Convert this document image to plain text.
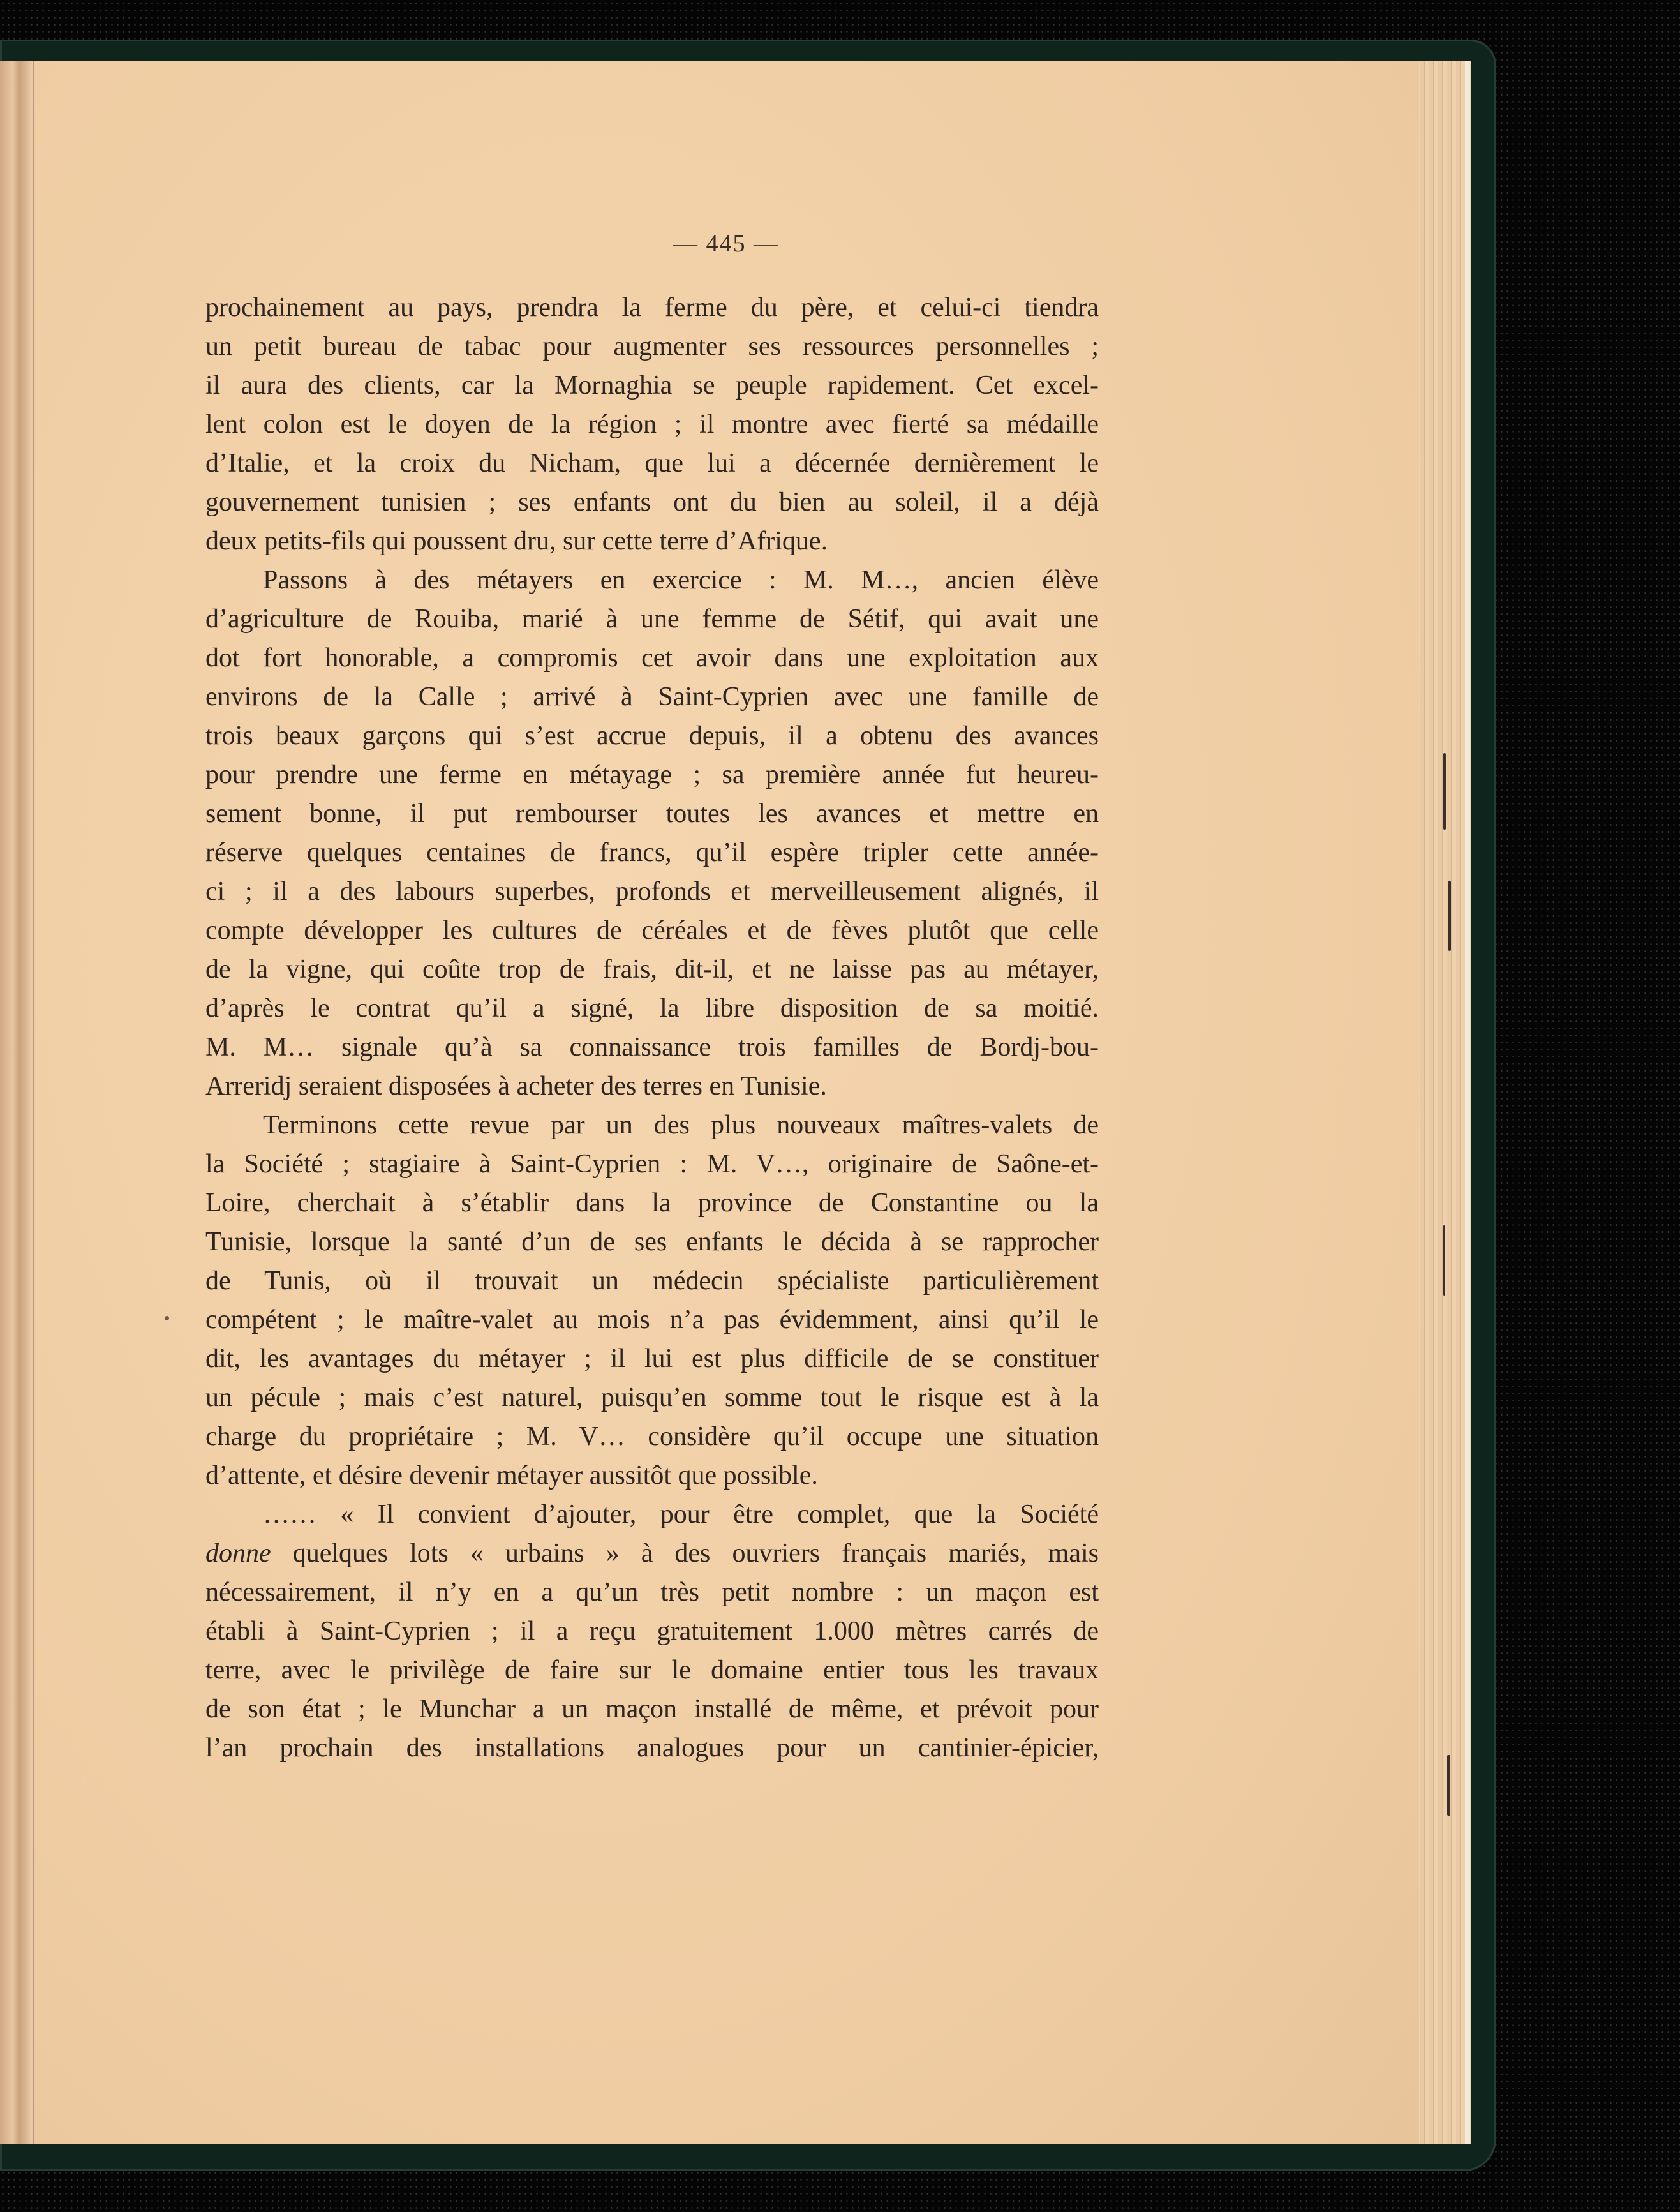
— 445 —
prochainement au pays, prendra la ferme du père, et celui-ci tiendra
un petit bureau de tabac pour augmenter ses ressources personnelles ;
il aura des clients, car la Mornaghia se peuple rapidement. Cet excel-
lent colon est le doyen de la région ; il montre avec fierté sa médaille
d’Italie, et la croix du Nicham, que lui a décernée dernièrement le
gouvernement tunisien ; ses enfants ont du bien au soleil, il a déjà
deux petits-fils qui poussent dru, sur cette terre d’Afrique.
Passons à des métayers en exercice : M. M…, ancien élève
d’agriculture de Rouiba, marié à une femme de Sétif, qui avait une
dot fort honorable, a compromis cet avoir dans une exploitation aux
environs de la Calle ; arrivé à Saint-Cyprien avec une famille de
trois beaux garçons qui s’est accrue depuis, il a obtenu des avances
pour prendre une ferme en métayage ; sa première année fut heureu-
sement bonne, il put rembourser toutes les avances et mettre en
réserve quelques centaines de francs, qu’il espère tripler cette année-
ci ; il a des labours superbes, profonds et merveilleusement alignés, il
compte développer les cultures de céréales et de fèves plutôt que celle
de la vigne, qui coûte trop de frais, dit-il, et ne laisse pas au métayer,
d’après le contrat qu’il a signé, la libre disposition de sa moitié.
M. M… signale qu’à sa connaissance trois familles de Bordj-bou-
Arreridj seraient disposées à acheter des terres en Tunisie.
Terminons cette revue par un des plus nouveaux maîtres-valets de
la Société ; stagiaire à Saint-Cyprien : M. V…, originaire de Saône-et-
Loire, cherchait à s’établir dans la province de Constantine ou la
Tunisie, lorsque la santé d’un de ses enfants le décida à se rapprocher
de Tunis, où il trouvait un médecin spécialiste particulièrement
compétent ; le maître-valet au mois n’a pas évidemment, ainsi qu’il le
dit, les avantages du métayer ; il lui est plus difficile de se constituer
un pécule ; mais c’est naturel, puisqu’en somme tout le risque est à la
charge du propriétaire ; M. V… considère qu’il occupe une situation
d’attente, et désire devenir métayer aussitôt que possible.
…… « Il convient d’ajouter, pour être complet, que la Société
donne quelques lots « urbains » à des ouvriers français mariés, mais
nécessairement, il n’y en a qu’un très petit nombre : un maçon est
établi à Saint-Cyprien ; il a reçu gratuitement 1.000 mètres carrés de
terre, avec le privilège de faire sur le domaine entier tous les travaux
de son état ; le Munchar a un maçon installé de même, et prévoit pour
l’an prochain des installations analogues pour un cantinier-épicier,
